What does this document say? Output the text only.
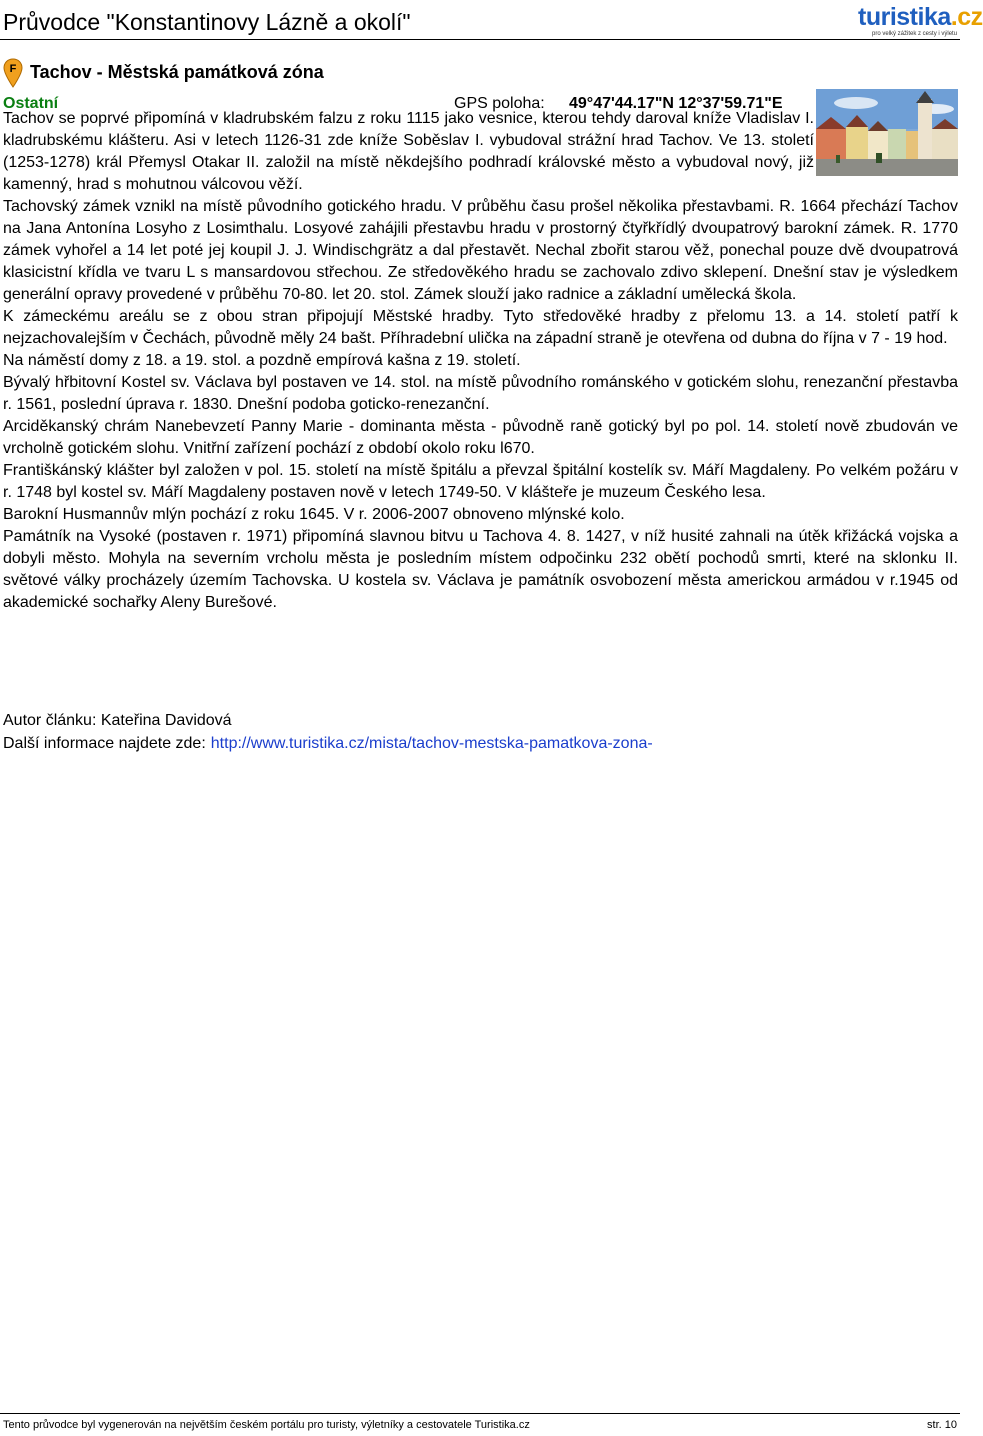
Průvodce "Konstantinovy Lázně a okolí"	turistika.cz
pro velký zážitek z cesty i výletu
F Tachov - Městská památková zóna
Ostatní	GPS poloha: 49°47'44.17"N 12°37'59.71"E

Tachov se poprvé připomíná v kladrubském falzu z roku 1115 jako vesnice, kterou tehdy daroval kníže Vladislav I. kladrubskému klášteru. Asi v letech 1126-31 zde kníže Soběslav I. vybudoval strážní hrad Tachov. Ve 13. století (1253-1278) král Přemysl Otakar II. založil na místě někdejšího podhradí královské město a vybudoval nový, již kamenný, hrad s mohutnou válcovou věží.

Tachovský zámek vznikl na místě původního gotického hradu. V průběhu času prošel několika přestavbami. R. 1664 přechází Tachov na Jana Antonína Losyho z Losimthalu. Losyové zahájili přestavbu hradu v prostorný čtyřkřídlý dvoupatrový barokní zámek. R. 1770 zámek vyhořel a 14 let poté jej koupil J. J. Windischgrätz a dal přestavět. Nechal zbořit starou věž, ponechal pouze dvě dvoupatrová klasicistní křídla ve tvaru L s mansardovou střechou. Ze středověkého hradu se zachovalo zdivo sklepení. Dnešní stav je výsledkem generální opravy provedené v průběhu 70-80. let 20. stol. Zámek slouží jako radnice a základní umělecká škola.

K zámeckému areálu se z obou stran připojují Městské hradby. Tyto středověké hradby z přelomu 13. a 14. století patří k nejzachovalejším v Čechách, původně měly 24 bašt. Příhradební ulička na západní straně je otevřena od dubna do října v 7 - 19 hod.

Na náměstí domy z 18. a 19. stol. a pozdně empírová kašna z 19. století.

Bývalý hřbitovní Kostel sv. Václava byl postaven ve 14. stol. na místě původního románského v gotickém slohu, renezanční přestavba r. 1561, poslední úprava r. 1830. Dnešní podoba goticko-renezanční.

Arciděkanský chrám Nanebevzetí Panny Marie - dominanta města - původně raně gotický byl po pol. 14. století nově zbudován ve vrcholně gotickém slohu. Vnitřní zařízení pochází z období okolo roku l670.

Františkánský klášter byl založen v pol. 15. století na místě špitálu a převzal špitální kostelík sv. Máří Magdaleny. Po velkém požáru v r. 1748 byl kostel sv. Máří Magdaleny postaven nově v letech 1749-50. V klášteře je muzeum Českého lesa.

Barokní Husmannův mlýn pochází z roku 1645. V r. 2006-2007 obnoveno mlýnské kolo.

Památník na Vysoké (postaven r. 1971) připomíná slavnou bitvu u Tachova 4. 8. 1427, v níž husité zahnali na útěk křižácká vojska a dobyli město. Mohyla na severním vrcholu města je posledním místem odpočinku 232 obětí pochodů smrti, které na sklonku II. světové války procházely územím Tachovska. U kostela sv. Václava je památník osvobození města americkou armádou v r.1945 od akademické sochařky Aleny Burešové.

Autor článku: Kateřina Davidová
Další informace najdete zde: http://www.turistika.cz/mista/tachov-mestska-pamatkova-zona-
Tento průvodce byl vygenerován na největším českém portálu pro turisty, výletníky a cestovatele Turistika.cz	str. 10
